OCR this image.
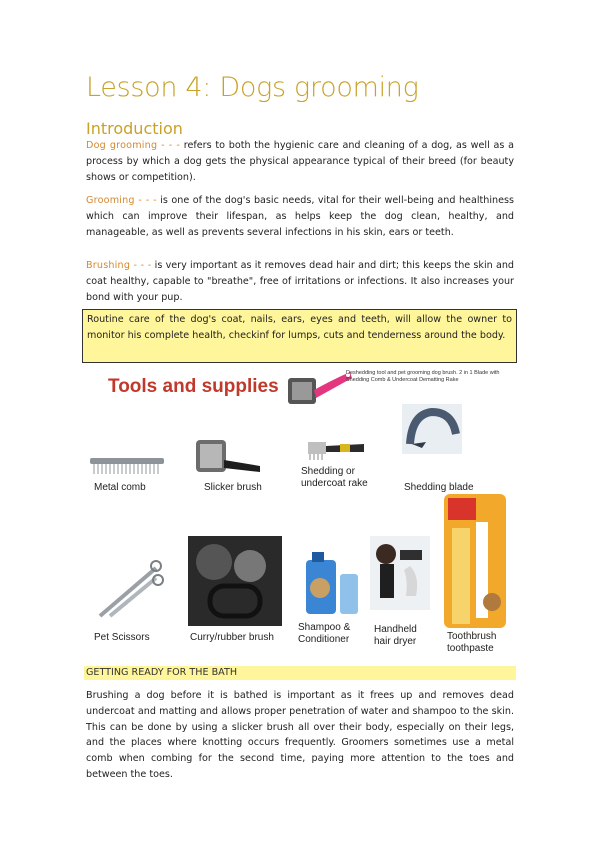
Lesson 4: Dogs grooming
Introduction
Dog grooming - - - refers to both the hygienic care and cleaning of a dog, as well as a process by which a dog gets the physical appearance typical of their breed (for beauty shows or competition).
Grooming - - - is one of the dog's basic needs, vital for their well-being and healthiness which can improve their lifespan, as helps keep the dog clean, healthy, and manageable, as well as prevents several infections in his skin, ears or teeth.
Brushing - - - is very important as it removes dead hair and dirt; this keeps the skin and coat healthy, capable to "breathe", free of irritations or infections. It also increases your bond with your pup.
Routine care of the dog's coat, nails, ears, eyes and teeth, will allow the owner to monitor his complete health, checkinf for lumps, cuts and tenderness around the body.
Tools and supplies
Deshedding tool and pet grooming dog brush. 2 in 1 Blade with Shedding Comb & Undercoat Dematting Rake
Metal comb	Slicker brush
Shedding or
undercoat rake	Shedding blade
Toothbrush
toothpaste
Pet Scissors	Curry/rubber brush
Shampoo &
Conditioner
Handheld
hair dryer
GETTING READY FOR THE BATH
Brushing a dog before it is bathed is important as it frees up and removes dead undercoat and matting and allows proper penetration of water and shampoo to the skin. This can be done by using a slicker brush all over their body, especially on their legs, and the places where knotting occurs frequently. Groomers sometimes use a metal comb when combing for the second time, paying more attention to the toes and between the toes.
